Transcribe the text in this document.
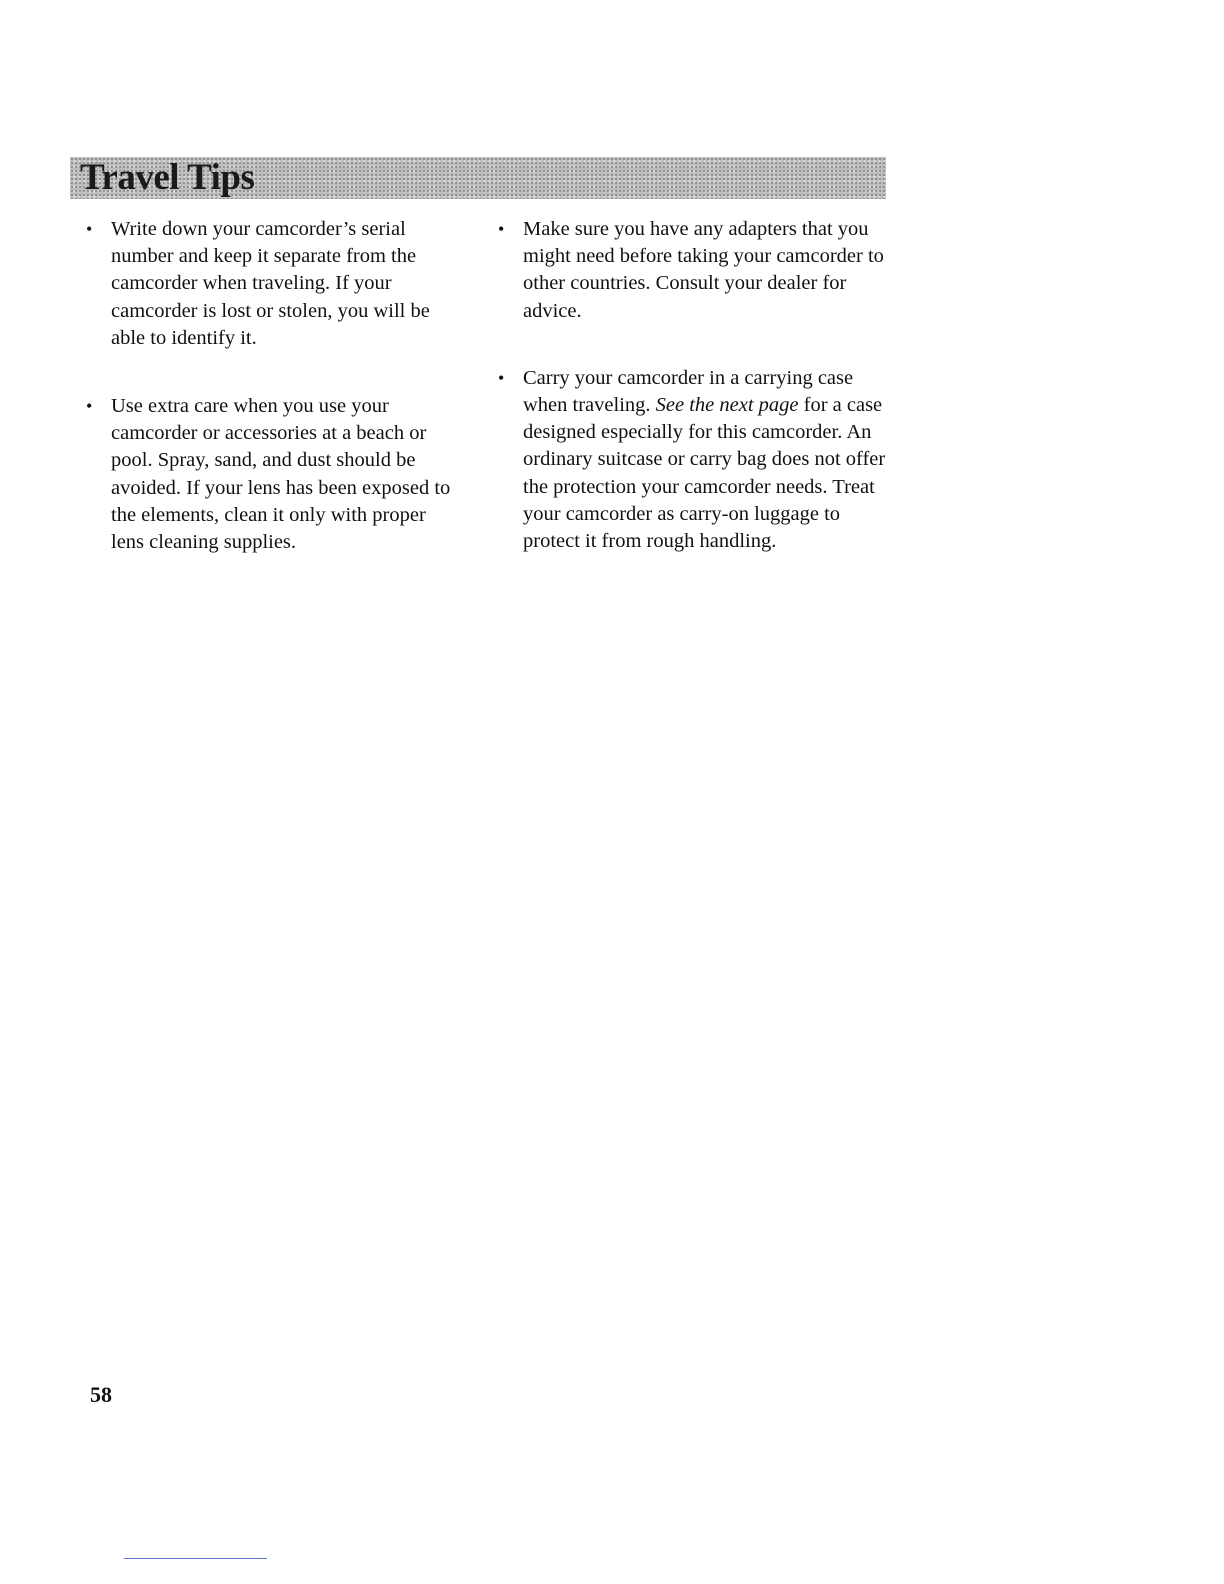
Travel Tips

• Write down your camcorder’s serial number and keep it separate from the camcorder when traveling. If your camcorder is lost or stolen, you will be able to identify it.

• Use extra care when you use your camcorder or accessories at a beach or pool. Spray, sand, and dust should be avoided. If your lens has been exposed to the elements, clean it only with proper lens cleaning supplies.

• Make sure you have any adapters that you might need before taking your camcorder to other countries. Consult your dealer for advice.

• Carry your camcorder in a carrying case when traveling. See the next page for a case designed especially for this camcorder. An ordinary suitcase or carry bag does not offer the protection your camcorder needs. Treat your camcorder as carry-on luggage to protect it from rough handling.

58
